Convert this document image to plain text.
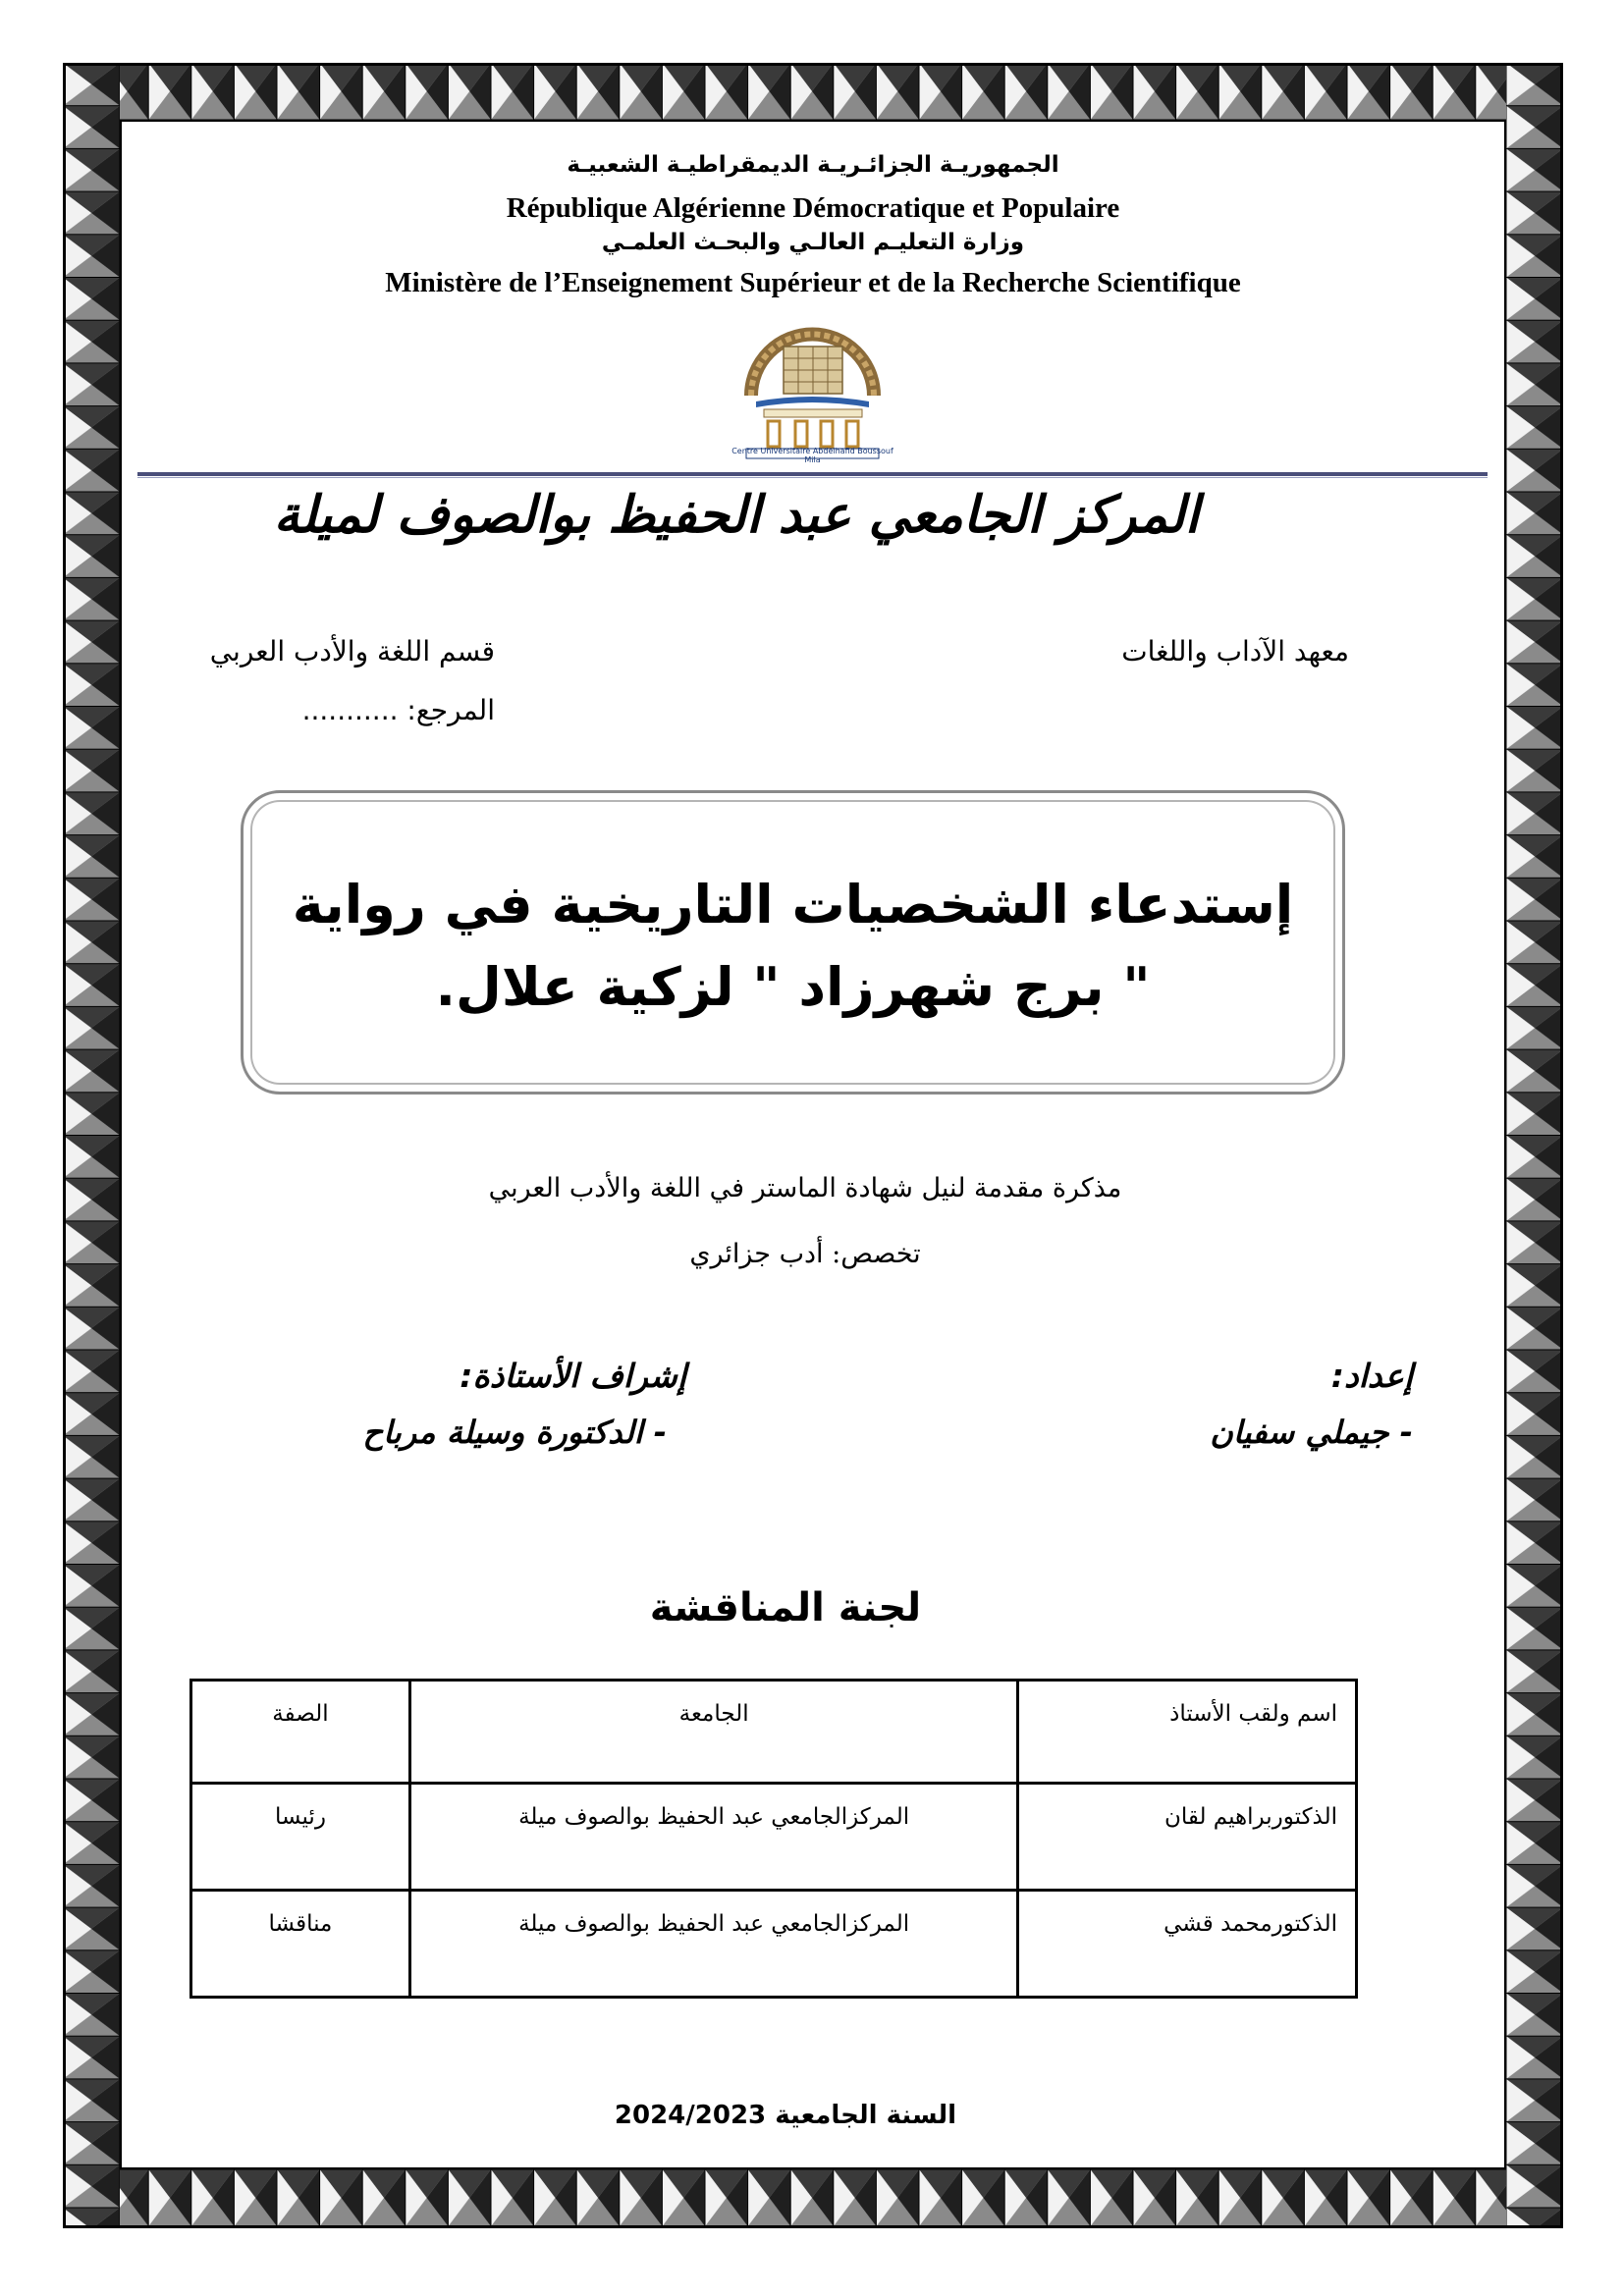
الجمهوريـة الجزائـريـة الديمقراطيـة الشعبيـة
République Algérienne Démocratique et Populaire
وزارة التعليـم العالـي والبحـث العلمـي
Ministère de l’Enseignement Supérieur et de la Recherche Scientifique
Centre Universitaire Abdelhafid Boussouf Mila
المركز الجامعي عبد الحفيظ بوالصوف لميلة
معهد الآداب واللغات
قسم اللغة والأدب العربي
المرجع: ...........
إستدعاء الشخصيات التاريخية في رواية
" برج شهرزاد " لزكية علال.
مذكرة مقدمة لنيل شهادة الماستر في اللغة والأدب العربي
تخصص: أدب جزائري
إعداد:
إشراف الأستاذة:
- جيملي سفيان
- الدكتورة وسيلة مرباح
لجنة المناقشة
اسم ولقب الأستاذ	الجامعة	الصفة
الذكتوربراهيم لقان	المركزالجامعي عبد الحفيظ بوالصوف ميلة	رئيسا
الذكتورمحمد قشي	المركزالجامعي عبد الحفيظ بوالصوف ميلة	مناقشا
السنة الجامعية 2024/2023
